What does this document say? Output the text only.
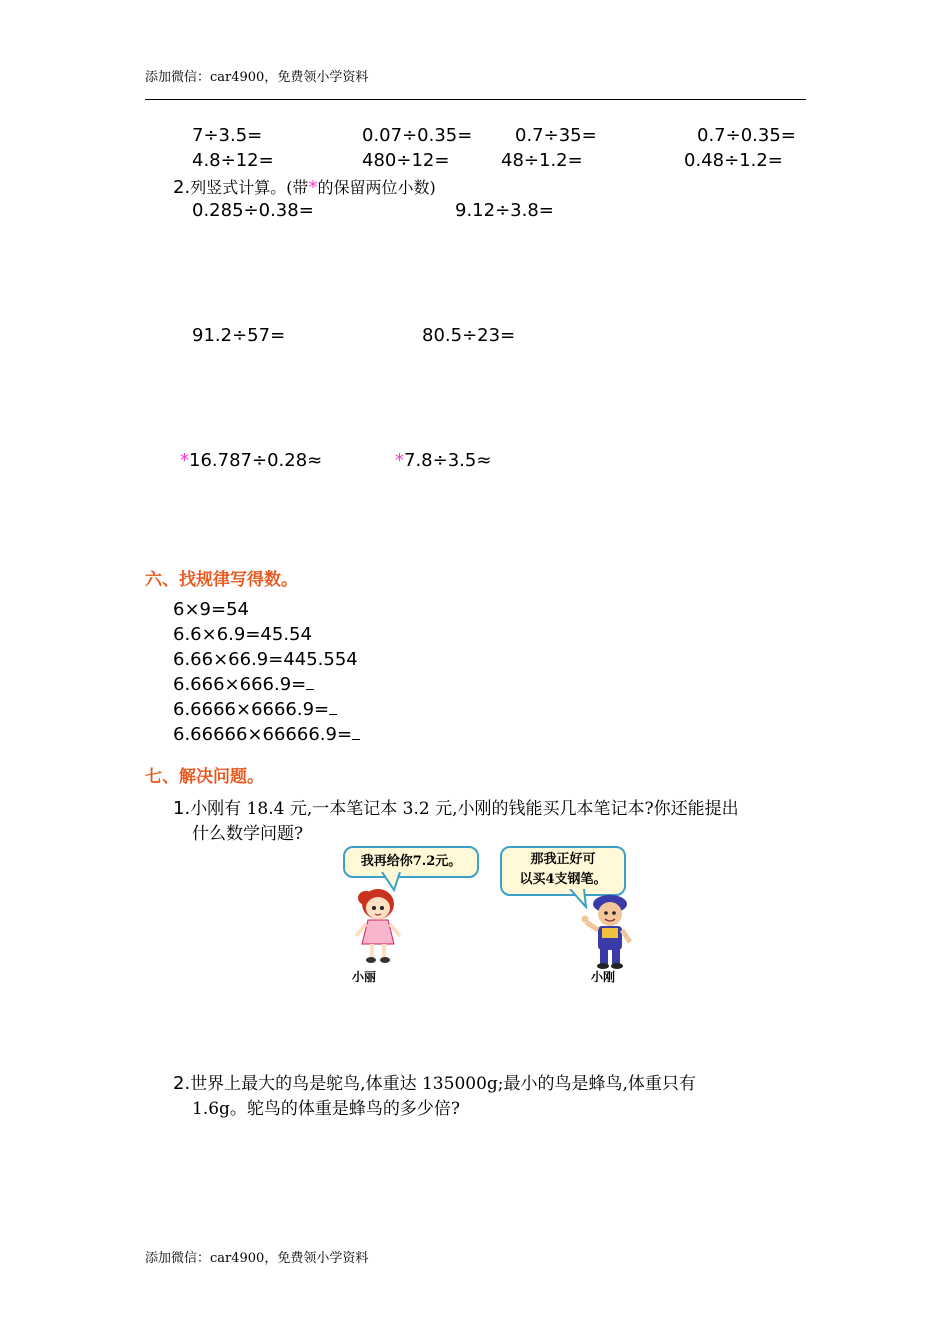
添加微信：car4900，免费领小学资料
7÷3.5=	0.07÷0.35= 0.7÷35=	0.7÷0.35=
4.8÷12=	480÷12=	48÷1.2=	0.48÷1.2=
2.列竖式计算。(带*的保留两位小数)
0.285÷0.38=	9.12÷3.8=
91.2÷57=	80.5÷23=
*16.787÷0.28≈	*7.8÷3.5≈
六、找规律写得数。
6×9=54
6.6×6.9=45.54
6.66×66.9=445.554
6.666×666.9=
6.6666×6666.9=
6.66666×66666.9=
七、解决问题。
1.小刚有 18.4 元,一本笔记本 3.2 元,小刚的钱能买几本笔记本?你还能提出
什么数学问题?
我再给你7.2元。	那我正好可
以买4支钢笔。
小丽	小刚
2.世界上最大的鸟是鸵鸟,体重达 135000g;最小的鸟是蜂鸟,体重只有
1.6g。鸵鸟的体重是蜂鸟的多少倍?
添加微信：car4900，免费领小学资料
